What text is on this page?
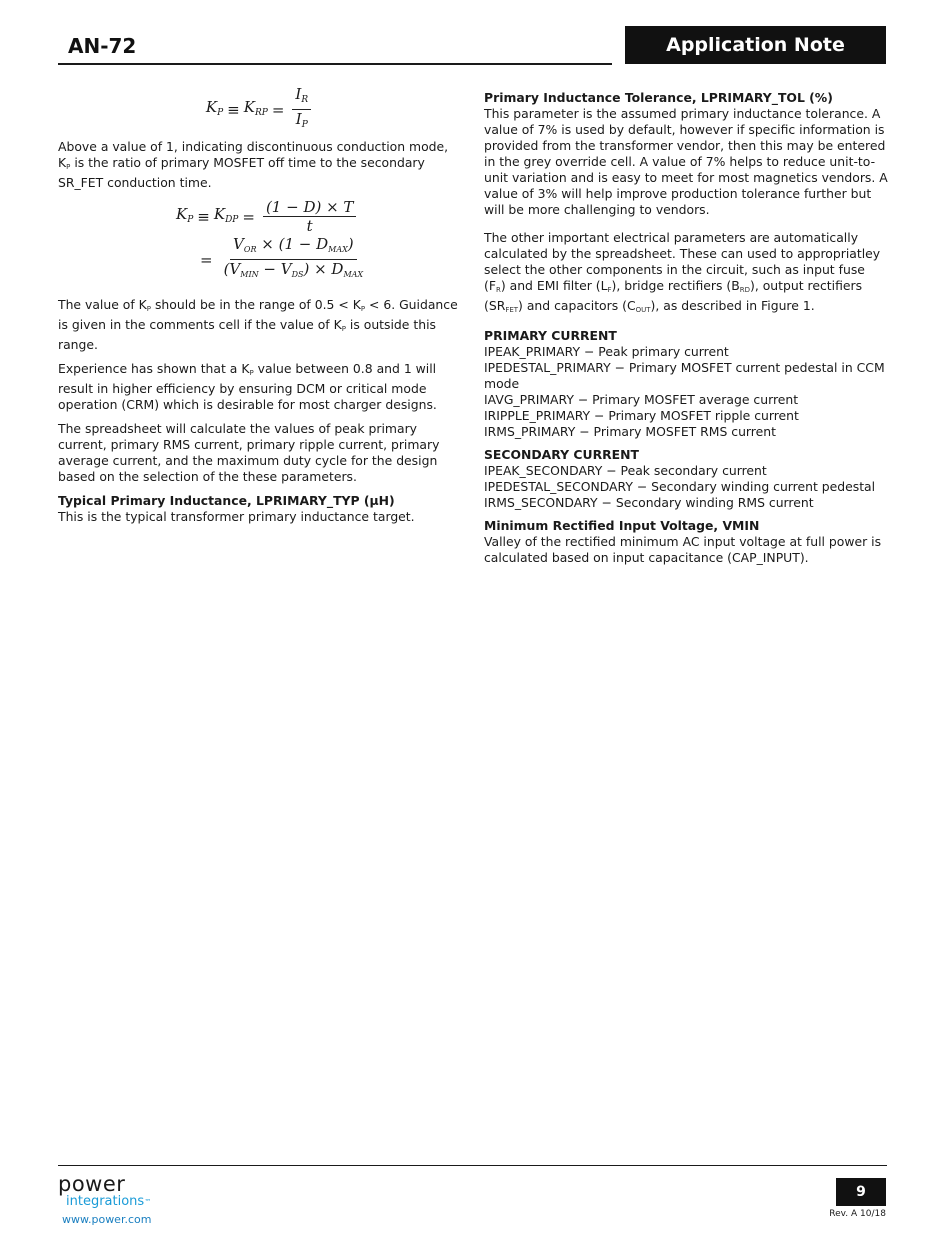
AN-72	Application Note
$K_P \equiv K_{RP} = \frac{I_R}{I_P}$

Above a value of 1, indicating discontinuous conduction mode, $K_P$ is the ratio of primary MOSFET off time to the secondary SR_FET conduction time.

$K_P \equiv K_{DP} = \frac{(1 - D) \times T}{t}$
= $\frac{V_{OR} \times (1 - D_{MAX})}{(V_{MIN} - V_{DS}) \times D_{MAX}}$

The value of $K_P$ should be in the range of $0.5 < K_P < 6$. Guidance is given in the comments cell if the value of $K_P$ is outside this range.

Experience has shown that a $K_P$ value between 0.8 and 1 will result in higher efficiency by ensuring DCM or critical mode operation (CRM) which is desirable for most charger designs.

The spreadsheet will calculate the values of peak primary current, primary RMS current, primary ripple current, primary average current, and the maximum duty cycle for the design based on the selection of the these parameters.

Typical Primary Inductance, LPRIMARY_TYP (μH)
This is the typical transformer primary inductance target.

Primary Inductance Tolerance, LPRIMARY_TOL (%)
This parameter is the assumed primary inductance tolerance. A value of 7% is used by default, however if specific information is provided from the transformer vendor, then this may be entered in the grey override cell. A value of 7% helps to reduce unit-to-unit variation and is easy to meet for most magnetics vendors. A value of 3% will help improve production tolerance further but will be more challenging to vendors.

The other important electrical parameters are automatically calculated by the spreadsheet. These can used to appropriatley select the other components in the circuit, such as input fuse $(F_R)$ and EMI filter $(L_F)$, bridge rectifiers $(B_{RD})$, output rectifiers $(SR_{FET})$ and capacitors $(C_{OUT})$, as described in Figure 1.

PRIMARY CURRENT
IPEAK_PRIMARY − Peak primary current
IPEDESTAL_PRIMARY − Primary MOSFET current pedestal in CCM mode
IAVG_PRIMARY − Primary MOSFET average current
IRIPPLE_PRIMARY − Primary MOSFET ripple current
IRMS_PRIMARY − Primary MOSFET RMS current

SECONDARY CURRENT
IPEAK_SECONDARY − Peak secondary current
IPEDESTAL_SECONDARY − Secondary winding current pedestal
IRMS_SECONDARY − Secondary winding RMS current

Minimum Rectified Input Voltage, VMIN
Valley of the rectified minimum AC input voltage at full power is calculated based on input capacitance (CAP_INPUT).

power
integrations™
www.power.com
9
Rev. A 10/18
